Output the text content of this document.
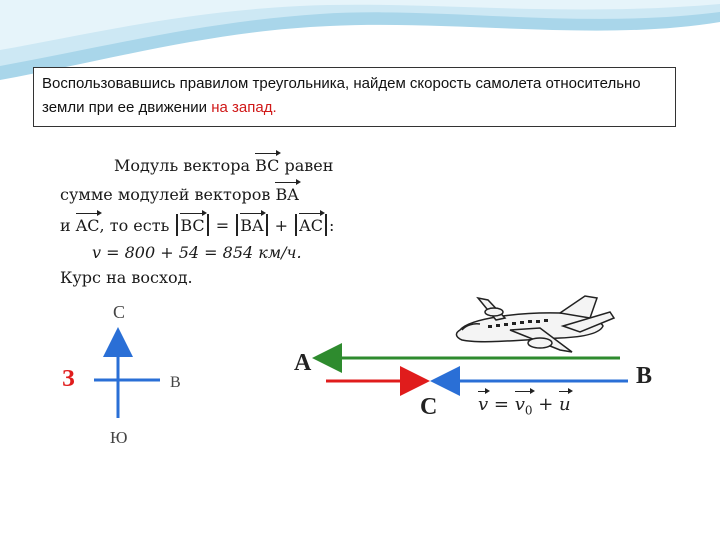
Воспользовавшись правилом треугольника, найдем скорость самолета относительно земли при ее движении на запад.
Модуль вектора BC равен
сумме модулей векторов BA
и AC, то есть BC = BA + AC :
v = 800 + 54 = 854 км/ч.
Курс на восход.
С
Ю
З	В
A	B
C $v = v_0 + u$
